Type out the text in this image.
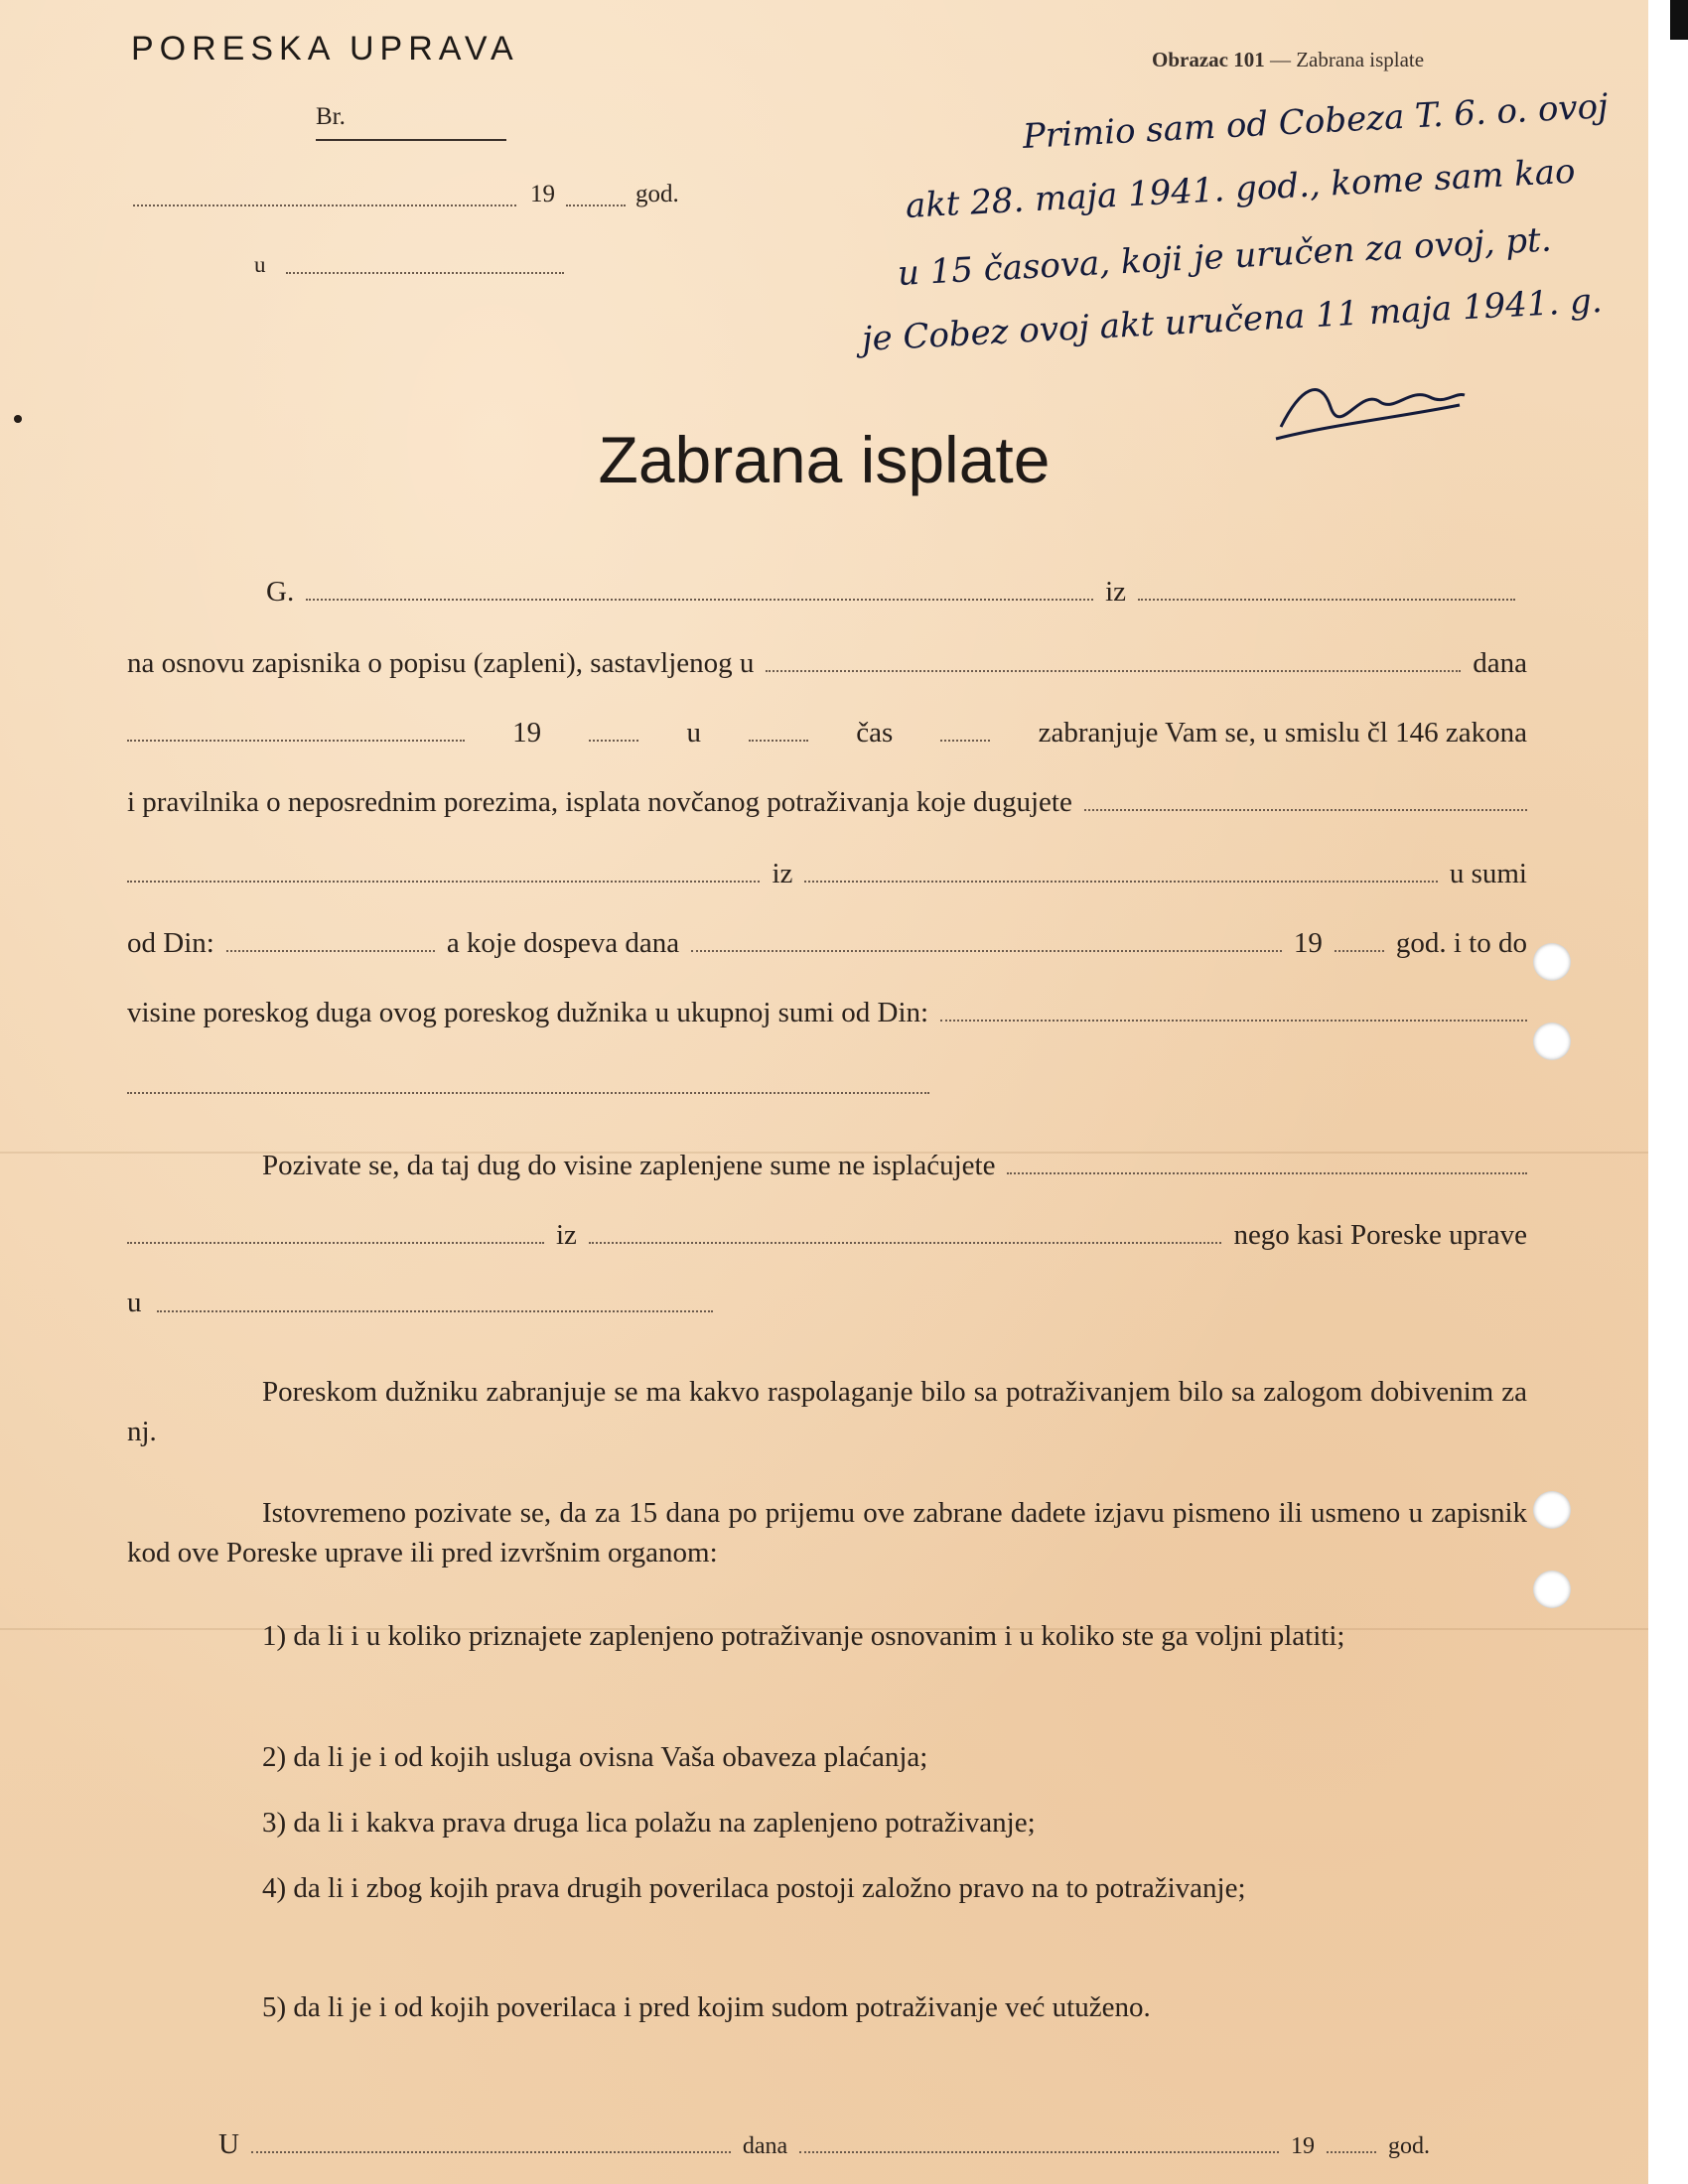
PORESKA UPRAVA	Obrazac 101 — Zabrana isplate
Br.
19	god.
u
Primio sam od Cobeza T. 6. o. ovoj
akt 28. maja 1941. god., kome sam kao
u 15 časova, koji je uručen za ovoj, pt.
je Cobez ovoj akt uručena 11 maja 1941. g.
Zabrana isplate
G.	iz
na osnovu zapisnika o popisu (zapleni), sastavljenog u	dana
19	u	čas	zabranjuje Vam se, u smislu čl 146 zakona
i pravilnika o neposrednim porezima, isplata novčanog potraživanja koje dugujete
iz	u sumi
od Din:	a koje dospeva dana	19	god. i to do
visine poreskog duga ovog poreskog dužnika u ukupnoj sumi od Din:
Pozivate se, da taj dug do visine zaplenjene sume ne isplaćujete
iz	nego kasi Poreske uprave
u
Poreskom dužniku zabranjuje se ma kakvo raspolaganje bilo sa potraživanjem bilo sa zalogom dobivenim za nj.
Istovremeno pozivate se, da za 15 dana po prijemu ove zabrane dadete izjavu pismeno ili usmeno u zapisnik kod ove Poreske uprave ili pred izvršnim organom:
1) da li i u koliko priznajete zaplenjeno potraživanje osnovanim i u koliko ste ga voljni platiti;
2) da li je i od kojih usluga ovisna Vaša obaveza plaćanja;
3) da li i kakva prava druga lica polažu na zaplenjeno potraživanje;
4) da li i zbog kojih prava drugih poverilaca postoji založno pravo na to potraživanje;
5) da li je i od kojih poverilaca i pred kojim sudom potraživanje već utuženo.
U	dana	19	god.
